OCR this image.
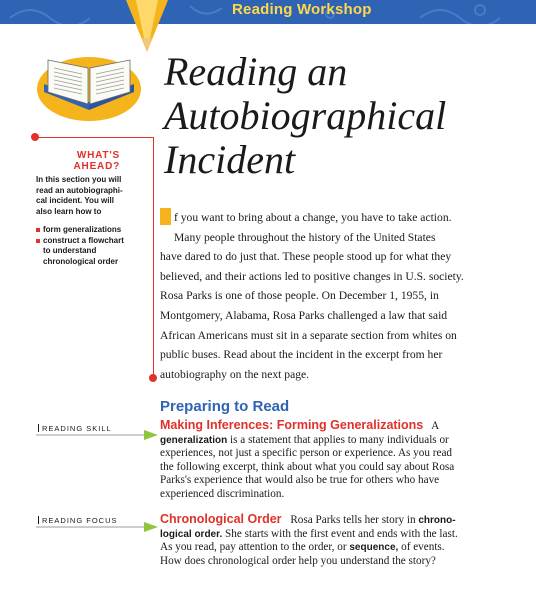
Reading Workshop
Reading an
Autobiographical
Incident
WHAT'S
AHEAD?
In this section you will
read an autobiographi-
cal incident. You will
also learn how to
form generalizations
construct a flowchart
to understand
chronological order
I f you want to bring about a change, you have to take action.
Many people throughout the history of the United States
have dared to do just that. These people stood up for what they
believed, and their actions led to positive changes in U.S. society.
Rosa Parks is one of those people. On December 1, 1955, in
Montgomery, Alabama, Rosa Parks challenged a law that said
African Americans must sit in a separate section from whites on
public buses. Read about the incident in the excerpt from her
autobiography on the next page.
Preparing to Read
READING SKILL	Making Inferences: Forming Generalizations A
generalization is a statement that applies to many individuals or
experiences, not just a specific person or experience. As you read
the following excerpt, think about what you could say about Rosa
Parks's experience that would also be true for others who have
experienced discrimination.
READING FOCUS	Chronological Order Rosa Parks tells her story in chrono-
logical order. She starts with the first event and ends with the last.
As you read, pay attention to the order, or sequence, of events.
How does chronological order help you understand the story?
